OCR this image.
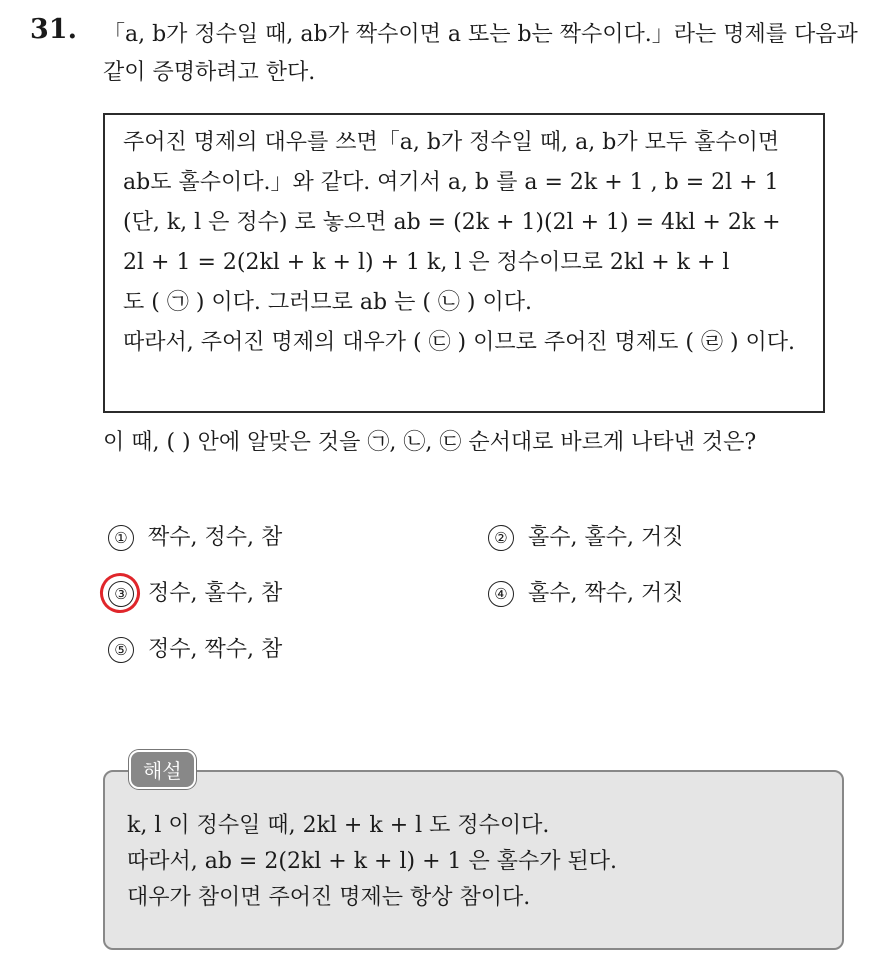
31. 「a, b가 정수일 때, ab가 짝수이면 a 또는 b는 짝수이다.」라는 명제를 다음과 같이 증명하려고 한다.

주어진 명제의 대우를 쓰면「a, b가 정수일 때, a, b가 모두 홀수이면 ab도 홀수이다.」와 같다. 여기서 a, b 를 a = 2k + 1 , b = 2l + 1 (단, k, l 은 정수) 로 놓으면 ab = (2k + 1)(2l + 1) = 4kl + 2k + 2l + 1 = 2(2kl + k + l) + 1 k, l 은 정수이므로 2kl + k + l

도 ( ㉠ ) 이다. 그러므로 ab 는 ( ㉡ ) 이다.

따라서, 주어진 명제의 대우가 ( ㉢ ) 이므로 주어진 명제도 ( ㉣ ) 이다.

이 때, ( ) 안에 알맞은 것을 ㉠, ㉡, ㉢ 순서대로 바르게 나타낸 것은?

① 짝수, 정수, 참	② 홀수, 홀수, 거짓
③ 정수, 홀수, 참	④ 홀수, 짝수, 거짓
⑤ 정수, 짝수, 참
해설

k, l 이 정수일 때, 2kl + k + l 도 정수이다.

따라서, ab = 2(2kl + k + l) + 1 은 홀수가 된다.

대우가 참이면 주어진 명제는 항상 참이다.
